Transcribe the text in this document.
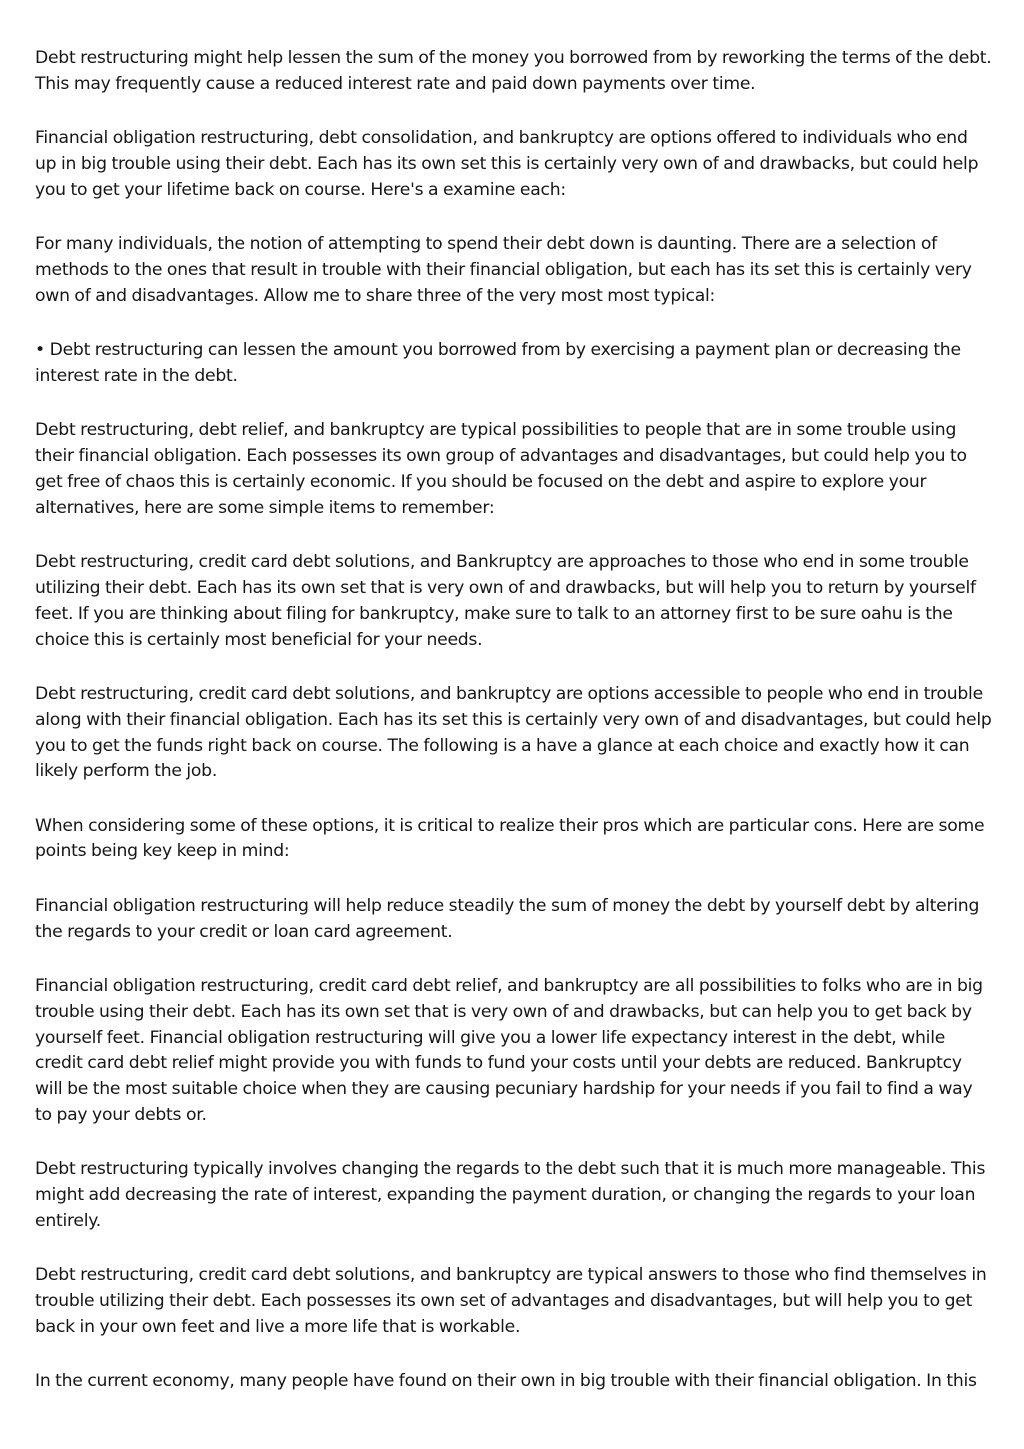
Debt restructuring might help lessen the sum of the money you borrowed from by reworking the terms of the debt. This may frequently cause a reduced interest rate and paid down payments over time.

Financial obligation restructuring, debt consolidation, and bankruptcy are options offered to individuals who end up in big trouble using their debt. Each has its own set this is certainly very own of and drawbacks, but could help you to get your lifetime back on course. Here's a examine each:

For many individuals, the notion of attempting to spend their debt down is daunting. There are a selection of methods to the ones that result in trouble with their financial obligation, but each has its set this is certainly very own of and disadvantages. Allow me to share three of the very most most typical:

• Debt restructuring can lessen the amount you borrowed from by exercising a payment plan or decreasing the interest rate in the debt.

Debt restructuring, debt relief, and bankruptcy are typical possibilities to people that are in some trouble using their financial obligation. Each possesses its own group of advantages and disadvantages, but could help you to get free of chaos this is certainly economic. If you should be focused on the debt and aspire to explore your alternatives, here are some simple items to remember:

Debt restructuring, credit card debt solutions, and Bankruptcy are approaches to those who end in some trouble utilizing their debt. Each has its own set that is very own of and drawbacks, but will help you to return by yourself feet. If you are thinking about filing for bankruptcy, make sure to talk to an attorney first to be sure oahu is the choice this is certainly most beneficial for your needs.

Debt restructuring, credit card debt solutions, and bankruptcy are options accessible to people who end in trouble along with their financial obligation. Each has its set this is certainly very own of and disadvantages, but could help you to get the funds right back on course. The following is a have a glance at each choice and exactly how it can likely perform the job.

When considering some of these options, it is critical to realize their pros which are particular cons. Here are some points being key keep in mind:

Financial obligation restructuring will help reduce steadily the sum of money the debt by yourself debt by altering the regards to your credit or loan card agreement.

Financial obligation restructuring, credit card debt relief, and bankruptcy are all possibilities to folks who are in big trouble using their debt. Each has its own set that is very own of and drawbacks, but can help you to get back by yourself feet. Financial obligation restructuring will give you a lower life expectancy interest in the debt, while credit card debt relief might provide you with funds to fund your costs until your debts are reduced. Bankruptcy will be the most suitable choice when they are causing pecuniary hardship for your needs if you fail to find a way to pay your debts or.

Debt restructuring typically involves changing the regards to the debt such that it is much more manageable. This might add decreasing the rate of interest, expanding the payment duration, or changing the regards to your loan entirely.

Debt restructuring, credit card debt solutions, and bankruptcy are typical answers to those who find themselves in trouble utilizing their debt. Each possesses its own set of advantages and disadvantages, but will help you to get back in your own feet and live a more life that is workable.

In the current economy, many people have found on their own in big trouble with their financial obligation. In this
